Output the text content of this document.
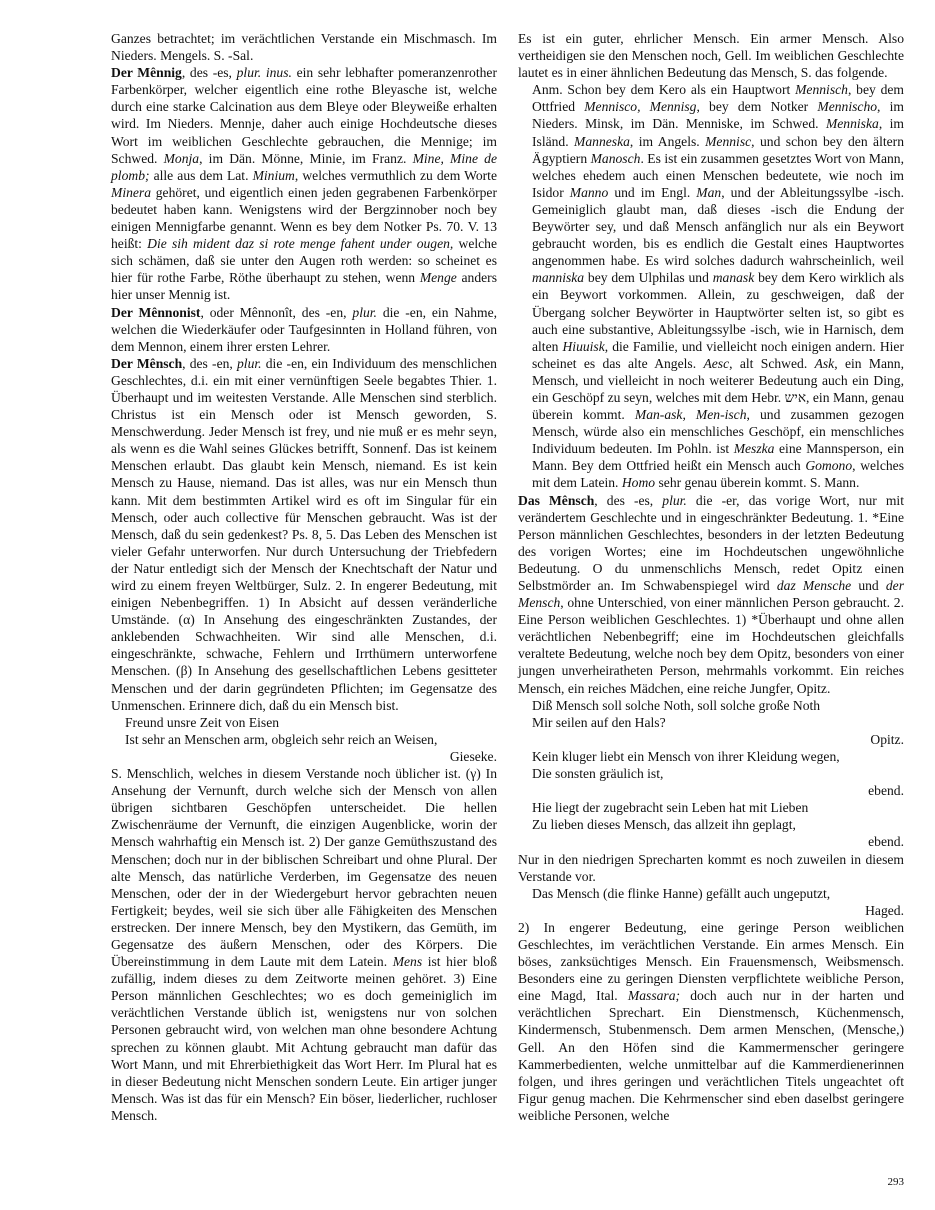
Ganzes betrachtet; im verächtlichen Verstande ein Mischmasch. Im Nieders. Mengels. S. -Sal.

Der Mênnig, des -es, plur. inus. ein sehr lebhafter pomeranzenrother Farbenkörper, welcher eigentlich eine rothe Bleyasche ist, welche durch eine starke Calcination aus dem Bleye oder Bleyweiße erhalten wird. Im Nieders. Mennje, daher auch einige Hochdeutsche dieses Wort im weiblichen Geschlechte gebrauchen, die Mennige; im Schwed. Monja, im Dän. Mönne, Minie, im Franz. Mine, Mine de plomb; alle aus dem Lat. Minium, welches vermuthlich zu dem Worte Minera gehöret, und eigentlich einen jeden gegrabenen Farbenkörper bedeutet haben kann. Wenigstens wird der Bergzinnober noch bey einigen Mennigfarbe genannt. Wenn es bey dem Notker Ps. 70. V. 13 heißt: Die sih mident daz si rote menge fahent under ougen, welche sich schämen, daß sie unter den Augen roth werden: so scheinet es hier für rothe Farbe, Röthe überhaupt zu stehen, wenn Menge anders hier unser Mennig ist.

Der Mênnonist, oder Mênnonît, des -en, plur. die -en, ein Nahme, welchen die Wiederkäufer oder Taufgesinnten in Holland führen, von dem Mennon, einem ihrer ersten Lehrer.

Der Mênsch, des -en, plur. die -en, ein Individuum des menschlichen Geschlechtes, d.i. ein mit einer vernünftigen Seele begabtes Thier. 1. Überhaupt und im weitesten Verstande. Alle Menschen sind sterblich. Christus ist ein Mensch oder ist Mensch geworden, S. Menschwerdung. Jeder Mensch ist frey, und nie muß er es mehr seyn, als wenn es die Wahl seines Glückes betrifft, Sonnenf. Das ist keinem Menschen erlaubt. Das glaubt kein Mensch, niemand. Es ist kein Mensch zu Hause, niemand. Das ist alles, was nur ein Mensch thun kann. Mit dem bestimmten Artikel wird es oft im Singular für ein Mensch, oder auch collective für Menschen gebraucht. Was ist der Mensch, daß du sein gedenkest? Ps. 8, 5. Das Leben des Menschen ist vieler Gefahr unterworfen. Nur durch Untersuchung der Triebfedern der Natur entledigt sich der Mensch der Knechtschaft der Natur und wird zu einem freyen Weltbürger, Sulz. 2. In engerer Bedeutung, mit einigen Nebenbegriffen. 1) In Absicht auf dessen veränderliche Umstände. (α) In Ansehung des eingeschränkten Zustandes, der anklebenden Schwachheiten. Wir sind alle Menschen, d.i. eingeschränkte, schwache, Fehlern und Irrthümern unterworfene Menschen. (β) In Ansehung des gesellschaftlichen Lebens gesitteter Menschen und der darin gegründeten Pflichten; im Gegensatze des Unmenschen. Erinnere dich, daß du ein Mensch bist.

Freund unsre Zeit von Eisen

Ist sehr an Menschen arm, obgleich sehr reich an Weisen,

Gieseke.

S. Menschlich, welches in diesem Verstande noch üblicher ist. (γ) In Ansehung der Vernunft, durch welche sich der Mensch von allen übrigen sichtbaren Geschöpfen unterscheidet. Die hellen Zwischenräume der Vernunft, die einzigen Augenblicke, worin der Mensch wahrhaftig ein Mensch ist. 2) Der ganze Gemüthszustand des Menschen; doch nur in der biblischen Schreibart und ohne Plural. Der alte Mensch, das natürliche Verderben, im Gegensatze des neuen Menschen, oder der in der Wiedergeburt hervor gebrachten neuen Fertigkeit; beydes, weil sie sich über alle Fähigkeiten des Menschen erstrecken. Der innere Mensch, bey den Mystikern, das Gemüth, im Gegensatze des äußern Menschen, oder des Körpers. Die Übereinstimmung in dem Laute mit dem Latein. Mens ist hier bloß zufällig, indem dieses zu dem Zeitworte meinen gehöret. 3) Eine Person männlichen Geschlechtes; wo es doch gemeiniglich im verächtlichen Verstande üblich ist, wenigstens nur von solchen Personen gebraucht wird, von welchen man ohne besondere Achtung sprechen zu können glaubt. Mit Achtung gebraucht man dafür das Wort Mann, und mit Ehrerbiethigkeit das Wort Herr. Im Plural hat es in dieser Bedeutung nicht Menschen sondern Leute. Ein artiger junger Mensch. Was ist das für ein Mensch? Ein böser, liederlicher, ruchloser Mensch.

Es ist ein guter, ehrlicher Mensch. Ein armer Mensch. Also vertheidigen sie den Menschen noch, Gell. Im weiblichen Geschlechte lautet es in einer ähnlichen Bedeutung das Mensch, S. das folgende.

Anm. Schon bey dem Kero als ein Hauptwort Mennisch, bey dem Ottfried Mennisco, Mennisg, bey dem Notker Mennischo, im Nieders. Minsk, im Dän. Menniske, im Schwed. Menniska, im Isländ. Manneska, im Angels. Mennisc, und schon bey den ältern Ägyptiern Manosch. Es ist ein zusammen gesetztes Wort von Mann, welches ehedem auch einen Menschen bedeutete, wie noch im Isidor Manno und im Engl. Man, und der Ableitungssylbe -isch. Gemeiniglich glaubt man, daß dieses -isch die Endung der Beywörter sey, und daß Mensch anfänglich nur als ein Beywort gebraucht worden, bis es endlich die Gestalt eines Hauptwortes angenommen habe. Es wird solches dadurch wahrscheinlich, weil manniska bey dem Ulphilas und manask bey dem Kero wirklich als ein Beywort vorkommen. Allein, zu geschweigen, daß der Übergang solcher Beywörter in Hauptwörter selten ist, so gibt es auch eine substantive, Ableitungssylbe -isch, wie in Harnisch, dem alten Hiuuisk, die Familie, und vielleicht noch einigen andern. Hier scheinet es das alte Angels. Aesc, alt Schwed. Ask, ein Mann, Mensch, und vielleicht in noch weiterer Bedeutung auch ein Ding, ein Geschöpf zu seyn, welches mit dem Hebr. איש, ein Mann, genau überein kommt. Man-ask, Men-isch, und zusammen gezogen Mensch, würde also ein menschliches Geschöpf, ein menschliches Individuum bedeuten. Im Pohln. ist Meszka eine Mannsperson, ein Mann. Bey dem Ottfried heißt ein Mensch auch Gomono, welches mit dem Latein. Homo sehr genau überein kommt. S. Mann.

Das Mênsch, des -es, plur. die -er, das vorige Wort, nur mit verändertem Geschlechte und in eingeschränkter Bedeutung. 1. *Eine Person männlichen Geschlechtes, besonders in der letzten Bedeutung des vorigen Wortes; eine im Hochdeutschen ungewöhnliche Bedeutung. O du unmenschlichs Mensch, redet Opitz einen Selbstmörder an. Im Schwabenspiegel wird daz Mensche und der Mensch, ohne Unterschied, von einer männlichen Person gebraucht. 2. Eine Person weiblichen Geschlechtes. 1) *Überhaupt und ohne allen verächtlichen Nebenbegriff; eine im Hochdeutschen gleichfalls veraltete Bedeutung, welche noch bey dem Opitz, besonders von einer jungen unverheiratheten Person, mehrmahls vorkommt. Ein reiches Mensch, ein reiches Mädchen, eine reiche Jungfer, Opitz.

Diß Mensch soll solche Noth, soll solche große Noth

Mir seilen auf den Hals?

Opitz.

Kein kluger liebt ein Mensch von ihrer Kleidung wegen,

Die sonsten gräulich ist,

ebend.

Hie liegt der zugebracht sein Leben hat mit Lieben

Zu lieben dieses Mensch, das allzeit ihn geplagt,

ebend.

Nur in den niedrigen Sprecharten kommt es noch zuweilen in diesem Verstande vor.

Das Mensch (die flinke Hanne) gefällt auch ungeputzt,

Haged.

2) In engerer Bedeutung, eine geringe Person weiblichen Geschlechtes, im verächtlichen Verstande. Ein armes Mensch. Ein böses, zanksüchtiges Mensch. Ein Frauensmensch, Weibsmensch. Besonders eine zu geringen Diensten verpflichtete weibliche Person, eine Magd, Ital. Massara; doch auch nur in der harten und verächtlichen Sprechart. Ein Dienstmensch, Küchenmensch, Kindermensch, Stubenmensch. Dem armen Menschen, (Mensche,) Gell. An den Höfen sind die Kammermenscher geringere Kammerbedienten, welche unmittelbar auf die Kammerdienerinnen folgen, und ihres geringen und verächtlichen Titels ungeachtet oft Figur genug machen. Die Kehrmenscher sind eben daselbst geringere weibliche Personen, welche

293
